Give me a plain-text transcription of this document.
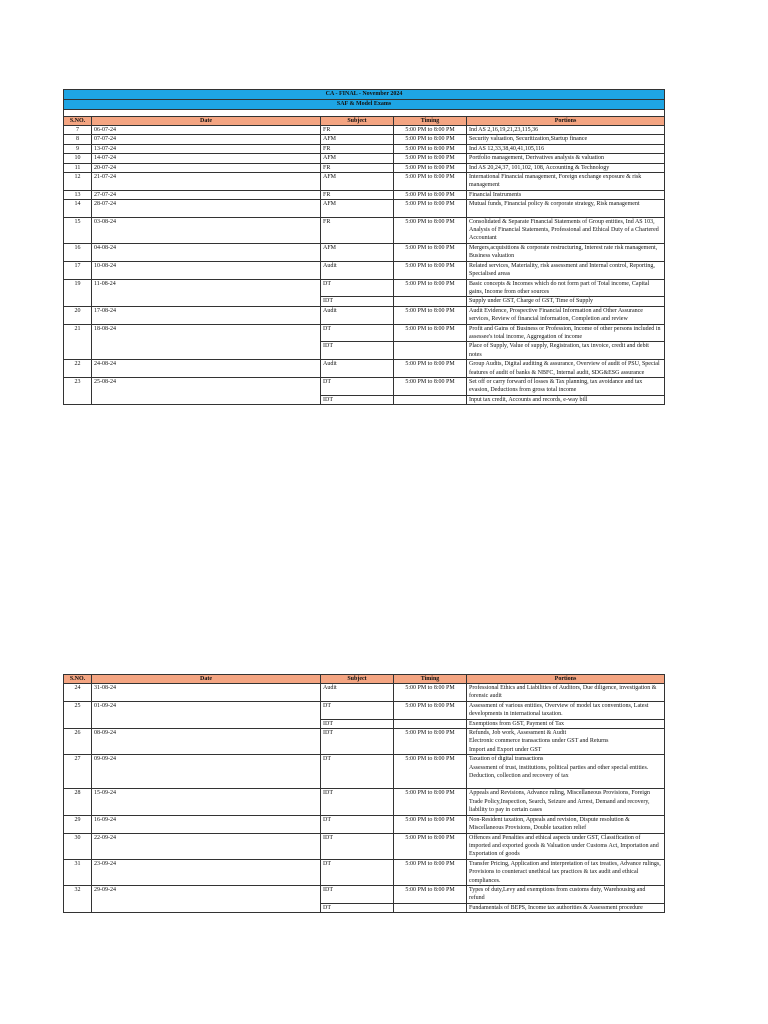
CA - FINAL - November 2024				
SAF & Model Exams				

S.NO.	Date	Subject	Timing	Portions
7	06-07-24	FR	5:00 PM to 8:00 PM	Ind AS 2,16,19,21,23,115,36
8	07-07-24	AFM	5:00 PM to 8:00 PM	Security valuation, Securitization,Startup finance
9	13-07-24	FR	5:00 PM to 8:00 PM	Ind AS 12,33,38,40,41,105,116
10	14-07-24	AFM	5:00 PM to 8:00 PM	Portfolio management, Derivatives analysis & valuation
11	20-07-24	FR	5:00 PM to 8:00 PM	Ind AS 20,24,37, 101,102, 108, Accounting & Technology
12	21-07-24	AFM	5:00 PM to 8:00 PM	International Financial management, Foreign exchange exposure & risk management
13	27-07-24	FR	5:00 PM to 8:00 PM	Financial Instruments
14	28-07-24	AFM	5:00 PM to 8:00 PM	Mutual funds, Financial policy & corporate strategy, Risk management
15	03-08-24	FR	5:00 PM to 8:00 PM	Consolidated & Separate Financial Statements of Group entities, Ind AS 103, Analysis of Financial Statements, Professional and Ethical Duty of a Chartered Accountant
16	04-08-24	AFM	5:00 PM to 8:00 PM	Mergers,acquisitions & corporate restructuring, Interest rate risk management, Business valuation
17	10-08-24	Audit	5:00 PM to 8:00 PM	Related services, Materiality, risk assessment and Internal control, Reporting, Specialised areas
19	11-08-24	DT	5:00 PM to 8:00 PM	Basic concepts & Incomes which do not form part of Total income, Capital gains, Income from other sources
		IDT		Supply under GST, Charge of GST, Time of Supply
20	17-08-24	Audit	5:00 PM to 8:00 PM	Audit Evidence, Prospective Financial Information and Other Assurance services, Review of financial information, Completion and review
21	18-08-24	DT	5:00 PM to 8:00 PM	Profit and Gains of Business or Profession, Income of other persons included in assessee's total income, Aggregation of income
		IDT		Place of Supply, Value of supply, Registration, tax invoice, credit and debit notes
22	24-08-24	Audit	5:00 PM to 8:00 PM	Group Audits, Digital auditing & assurance, Overview of audit of PSU, Special features of audit of banks & NBFC, Internal audit, SDG&ESG assurance
23	25-08-24	DT	5:00 PM to 8:00 PM	Set off or carry forward of losses & Tax planning, tax avoidance and tax evasion, Deductions from gross total income
		IDT		Input tax credit, Accounts and records, e-way bill
S.NO.	Date	Subject	Timing	Portions
24	31-08-24	Audit	5:00 PM to 8:00 PM	Professional Ethics and Liabilities of Auditors, Due diligence, investigation & forensic audit
25	01-09-24	DT	5:00 PM to 8:00 PM	Assessment of various entities, Overview of model tax conventions, Latest developments in international taxation.
		IDT		Exemptions from GST, Payment of Tax
26	08-09-24	IDT	5:00 PM to 8:00 PM	Refunds, Job work, Assessment & Audit
Electronic commerce transactions under GST and Returns
Import and Export under GST
27	09-09-24	DT	5:00 PM to 8:00 PM	Taxation of digital transactions
Assessment of trust, institutions, political parties and other special entities.
Deduction, collection and recovery of tax
28	15-09-24	IDT	5:00 PM to 8:00 PM	Appeals and Revisions, Advance ruling, Miscellaneous Provisions, Foreign Trade Policy,Inspection, Search, Seizure and Arrest, Demand and recovery, liability to pay in certain cases
29	16-09-24	DT	5:00 PM to 8:00 PM	Non-Resident taxation, Appeals and revision, Dispute resolution & Miscellaneous Provisions, Double taxation relief
30	22-09-24	IDT	5:00 PM to 8:00 PM	Offences and Penalties and ethical aspects under GST, Classification of imported and exported goods & Valuation under Customs Act, Importation and Exportation of goods
31	23-09-24	DT	5:00 PM to 8:00 PM	Transfer Pricing, Application and interpretation of tax treaties, Advance rulings, Provisions to counteract unethical tax practices & tax audit and ethical compliances.
32	29-09-24	IDT	5:00 PM to 8:00 PM	Types of duty,Levy and exemptions from customs duty, Warehousing and refund
		DT		Fundamentals of BEPS, Income tax authorities & Assessment procedure
